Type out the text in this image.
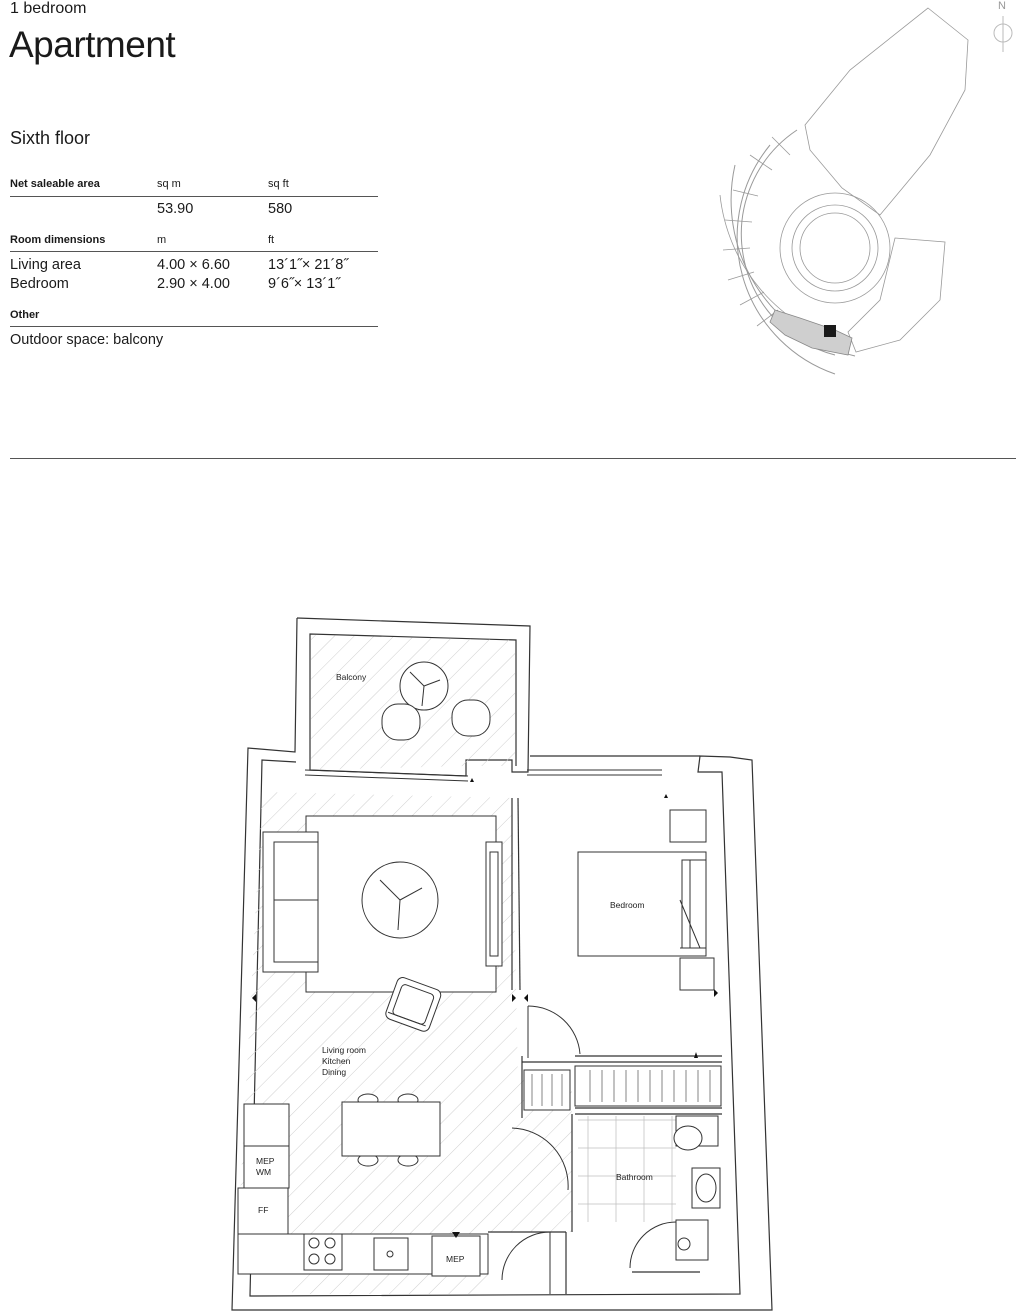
1 bedroom
Apartment
Sixth floor
Net saleable area	sq m	sq ft
53.90	580
Room dimensions	m	ft
Living area	4.00 × 6.60	13´1˝× 21´8˝
Bedroom	2.90 × 4.00	9´6˝× 13´1˝
Other
Outdoor space: balcony
N
Balcony
Bedroom
Living room
Kitchen
Dining
Bathroom
MEP
WM
FF
MEP
